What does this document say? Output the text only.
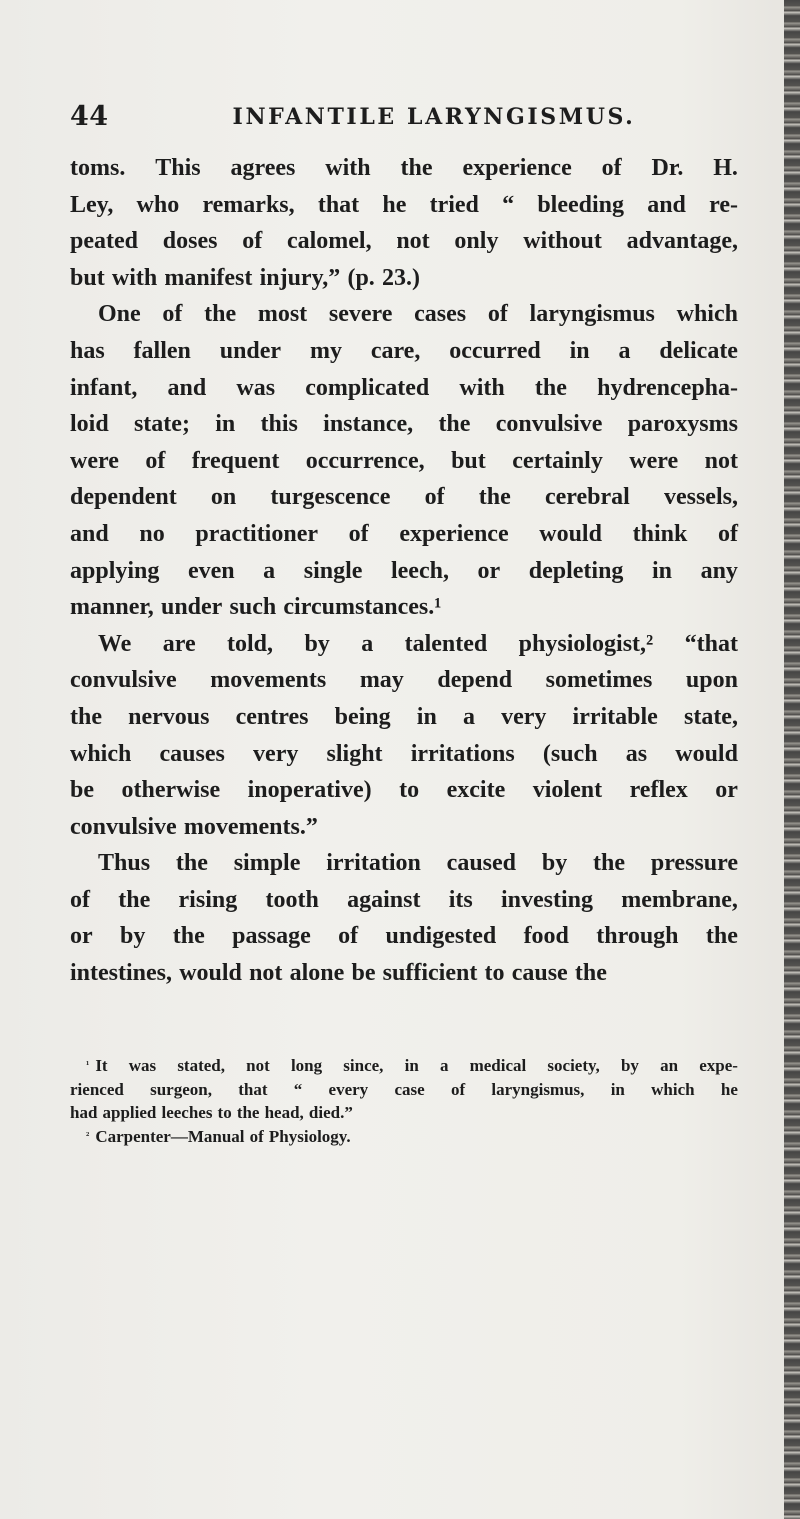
44	INFANTILE LARYNGISMUS.
toms. This agrees with the experience of Dr. H.
Ley, who remarks, that he tried “ bleeding and re-
peated doses of calomel, not only without advantage,
but with manifest injury,” (p. 23.)
One of the most severe cases of laryngismus which
has fallen under my care, occurred in a delicate
infant, and was complicated with the hydrencepha-
loid state; in this instance, the convulsive paroxysms
were of frequent occurrence, but certainly were not
dependent on turgescence of the cerebral vessels,
and no practitioner of experience would think of
applying even a single leech, or depleting in any
manner, under such circumstances.¹
We are told, by a talented physiologist,² “that
convulsive movements may depend sometimes upon
the nervous centres being in a very irritable state,
which causes very slight irritations (such as would
be otherwise inoperative) to excite violent reflex or
convulsive movements.”
Thus the simple irritation caused by the pressure
of the rising tooth against its investing membrane,
or by the passage of undigested food through the
intestines, would not alone be sufficient to cause the
$^{^1}$ It was stated, not long since, in a medical society, by an expe-
rienced surgeon, that “ every case of laryngismus, in which he
had applied leeches to the head, died.”
$^{^2}$ Carpenter—Manual of Physiology.
